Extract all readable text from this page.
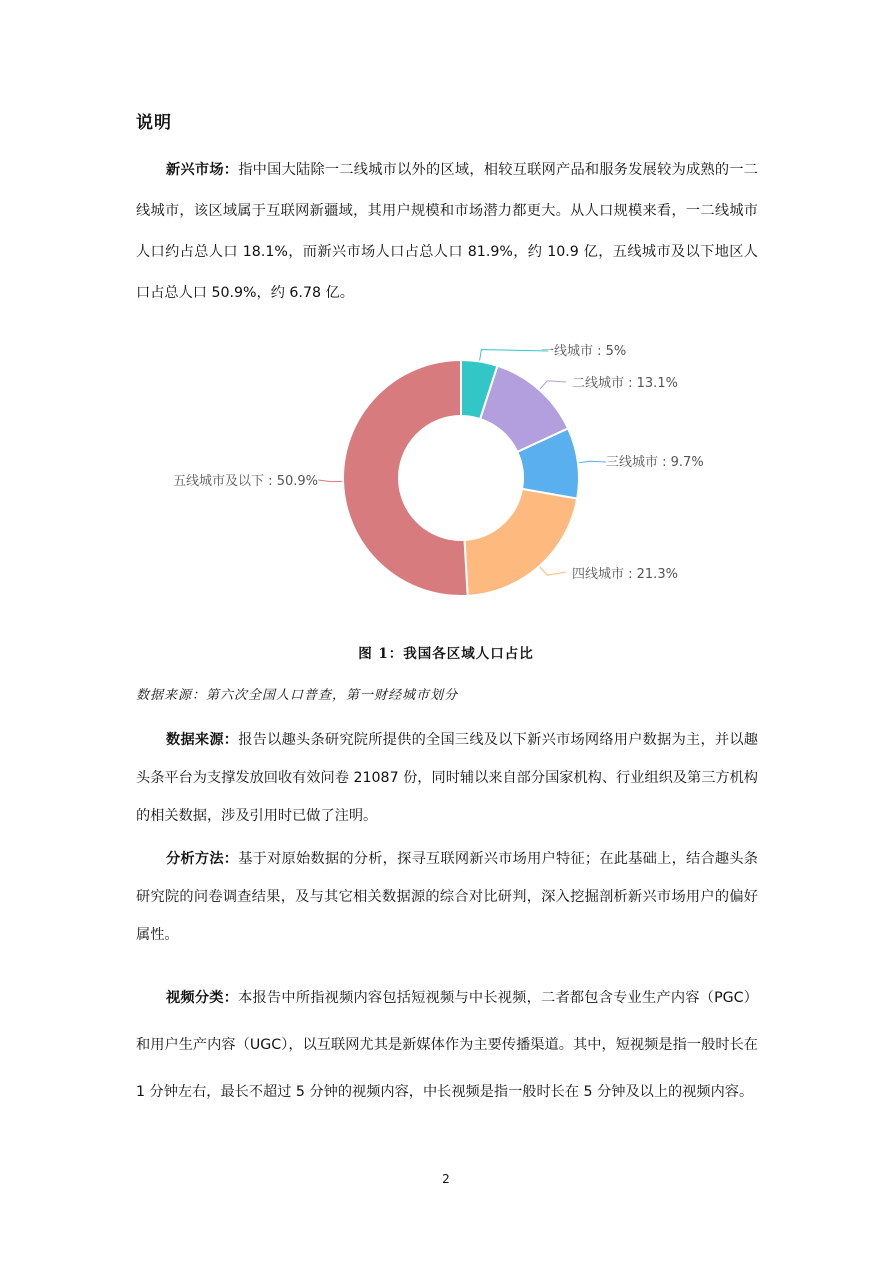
说明
新兴市场：指中国大陆除一二线城市以外的区域，相较互联网产品和服务发展较为成熟的一二线城市，该区域属于互联网新疆域，其用户规模和市场潜力都更大。从人口规模来看，一二线城市人口约占总人口 18.1%，而新兴市场人口占总人口 81.9%，约 10.9 亿，五线城市及以下地区人口占总人口 50.9%，约 6.78 亿。
一线城市 : 5%
二线城市 : 13.1%
三线城市 : 9.7%
四线城市 : 21.3%
五线城市及以下 : 50.9%
图 1：我国各区域人口占比
数据来源：第六次全国人口普查，第一财经城市划分
数据来源：报告以趣头条研究院所提供的全国三线及以下新兴市场网络用户数据为主，并以趣头条平台为支撑发放回收有效问卷 21087 份，同时辅以来自部分国家机构、行业组织及第三方机构的相关数据，涉及引用时已做了注明。
分析方法：基于对原始数据的分析，探寻互联网新兴市场用户特征；在此基础上，结合趣头条研究院的问卷调查结果，及与其它相关数据源的综合对比研判，深入挖掘剖析新兴市场用户的偏好属性。
视频分类：本报告中所指视频内容包括短视频与中长视频，二者都包含专业生产内容（PGC）和用户生产内容（UGC），以互联网尤其是新媒体作为主要传播渠道。其中，短视频是指一般时长在 1 分钟左右，最长不超过 5 分钟的视频内容，中长视频是指一般时长在 5 分钟及以上的视频内容。
2
